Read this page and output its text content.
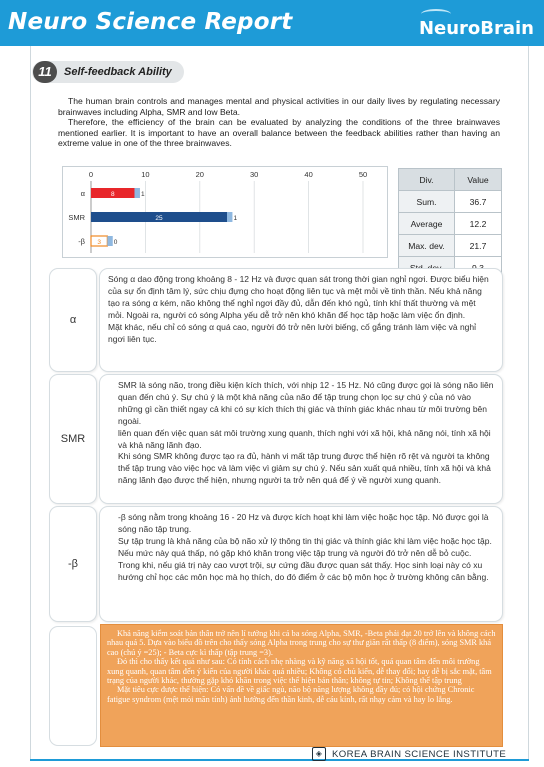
Neuro Science Report	NeuroBrain
11	Self-feedback Ability

The human brain controls and manages mental and physical activities in our daily lives by regulating necessary brainwaves including Alpha, SMR and low Beta.

Therefore, the efficiency of the brain can be evaluated by analyzing the conditions of the three brainwaves mentioned earlier. It is important to have an overall balance between the feedback abilities rather than having an extreme value in one of the three brainwaves.

0	10	20	30	40	50
α	8	1
SMR	25	1
-β 3 0
Div.	Value
Sum.	36.7
Average	12.2
Max. dev.	21.7

α

Sóng α dao động trong khoảng 8 - 12 Hz và được quan sát trong thời gian nghỉ ngơi. Được biểu hiện của sự ổn định tâm lý, sức chịu đựng cho hoạt động liên tục và mệt mỏi về tinh thần. Nếu khả năng tạo ra sóng α kém, não không thể nghỉ ngơi đầy đủ, dẫn đến khó ngủ, tính khí thất thường và mệt mỏi. Ngoài ra, người có sóng Alpha yếu dễ trở nên khó khăn để học tập hoặc làm việc ổn định.

Mặt khác, nếu chỉ có sóng α quá cao, người đó trở nên lười biếng, cố gắng tránh làm việc và nghỉ ngơi liên tục.

SMR

SMR là sóng não, trong điều kiện kích thích, với nhịp 12 - 15 Hz. Nó cũng được gọi là sóng não liên quan đến chú ý. Sự chú ý là một khả năng của não để tập trung chọn lọc sự chú ý của nó vào những gì cần thiết ngay cả khi có sự kích thích thị giác và thính giác khác nhau từ môi trường bên ngoài.

liên quan đến việc quan sát môi trường xung quanh, thích nghi với xã hội, khả năng nói, tính xã hội và khả năng lãnh đạo.

Khi sóng SMR không được tạo ra đủ, hành vi mất tập trung được thể hiện rõ rệt và người ta không thể tập trung vào việc học và làm việc vì giảm sự chú ý. Nếu sản xuất quá nhiều, tính xã hội và khả năng lãnh đạo được thể hiện, nhưng người ta trở nên quá để ý về người xung quanh.

-β

-β sóng nằm trong khoảng 16 - 20 Hz và được kích hoạt khi làm việc hoặc học tập. Nó được gọi là sóng não tập trung.

Sự tập trung là khả năng của bộ não xử lý thông tin thị giác và thính giác khi làm việc hoặc học tập. Nếu mức này quá thấp, nó gặp khó khăn trong việc tập trung và người đó trở nên dễ bỏ cuộc.

Trong khi, nếu giá trị này cao vượt trội, sự cứng đầu được quan sát thấy. Học sinh loại này có xu hướng chỉ học các môn học mà họ thích, do đó điểm ở các bộ môn học ở trường không cân bằng.

Khả năng kiểm soát bản thân trở nên lí tưởng khi cả ba sóng Alpha, SMR, -Beta phải đạt 20 trở lên và không cách nhau quá 5. Dựa vào biểu đồ trên cho thấy sóng Alpha trong trung cho sự thư giãn rất thấp (8 điểm), sóng SMR khá cao (chú ý =25); - Beta cực kì thấp (tập trung =3).

Đó thì cho thấy kết quả như sau: Có tính cách nhẹ nhàng và kỹ năng xã hội tốt, quá quan tâm đến môi trường xung quanh, quan tâm đến ý kiến của người khác quá nhiều; Không có chủ kiến, dễ thay đổi; hay dễ bị sắc mặt, tâm trạng của người khác, thường gặp khó khăn trong việc thể hiện bản thân; không tự tin; Không thể tập trung

Mặt tiêu cực được thể hiện: Có vấn đề về giấc ngủ, não bộ năng lượng không đầy đủ; có hội chứng Chronic fatigue syndrom (mệt mỏi mãn tính) ảnh hưởng đến thần kinh, dễ cáu kỉnh, rất nhạy cảm và hay lo lắng.

◈	KOREA BRAIN SCIENCE INSTITUTE
